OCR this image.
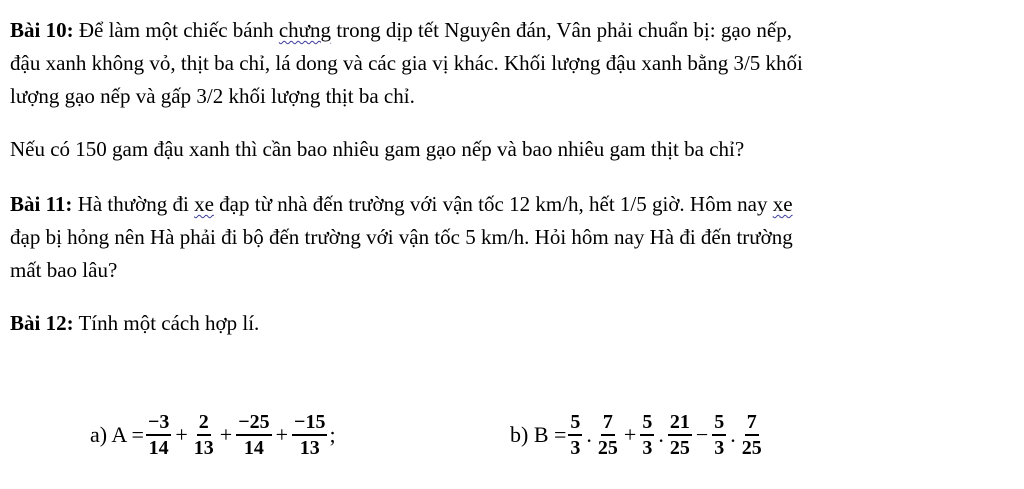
Bài 10: Để làm một chiếc bánh chưng trong dịp tết Nguyên đán, Vân phải chuẩn bị: gạo nếp,
đậu xanh không vỏ, thịt ba chỉ, lá dong và các gia vị khác. Khối lượng đậu xanh bằng 3/5 khối
lượng gạo nếp và gấp 3/2 khối lượng thịt ba chỉ.
Nếu có 150 gam đậu xanh thì cần bao nhiêu gam gạo nếp và bao nhiêu gam thịt ba chỉ?
Bài 11: Hà thường đi xe đạp từ nhà đến trường với vận tốc 12 km/h, hết 1/5 giờ. Hôm nay xe
đạp bị hỏng nên Hà phải đi bộ đến trường với vận tốc 5 km/h. Hỏi hôm nay Hà đi đến trường
mất bao lâu?
Bài 12: Tính một cách hợp lí.
a) $A = \frac{-3}{14} + \frac{2}{13} + \frac{-25}{14} + \frac{-15}{13}$ ;	b) $B = \frac{5}{3}$ . $\frac{7}{25} + \frac{5}{3}$ . $\frac{21}{25} - \frac{5}{3}$ . $\frac{7}{25}$
